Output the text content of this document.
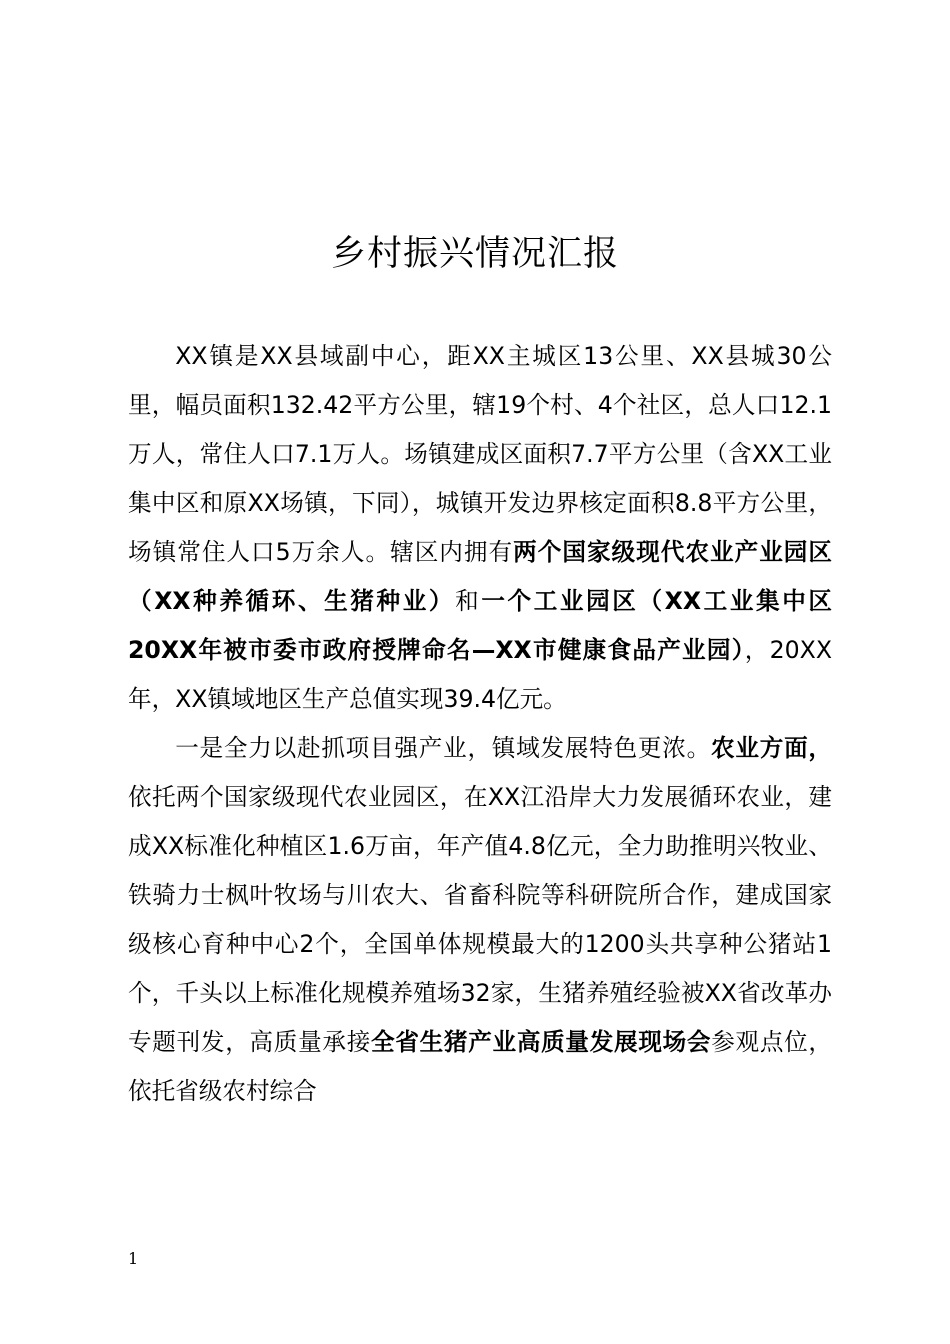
乡村振兴情况汇报

XX镇是XX县域副中心，距XX主城区13公里、XX县城30公里，幅员面积132.42平方公里，辖19个村、4个社区，总人口12.1万人，常住人口7.1万人。场镇建成区面积7.7平方公里（含XX工业集中区和原XX场镇，下同），城镇开发边界核定面积8.8平方公里，场镇常住人口5万余人。辖区内拥有两个国家级现代农业产业园区（XX种养循环、生猪种业）和一个工业园区（XX工业集中区20XX年被市委市政府授牌命名—XX市健康食品产业园），20XX年，XX镇域地区生产总值实现39.4亿元。

一是全力以赴抓项目强产业，镇域发展特色更浓。农业方面，依托两个国家级现代农业园区，在XX江沿岸大力发展循环农业，建成XX标准化种植区1.6万亩，年产值4.8亿元，全力助推明兴牧业、铁骑力士枫叶牧场与川农大、省畜科院等科研院所合作，建成国家级核心育种中心2个，全国单体规模最大的1200头共享种公猪站1个，千头以上标准化规模养殖场32家，生猪养殖经验被XX省改革办专题刊发，高质量承接全省生猪产业高质量发展现场会参观点位，依托省级农村综合

1
